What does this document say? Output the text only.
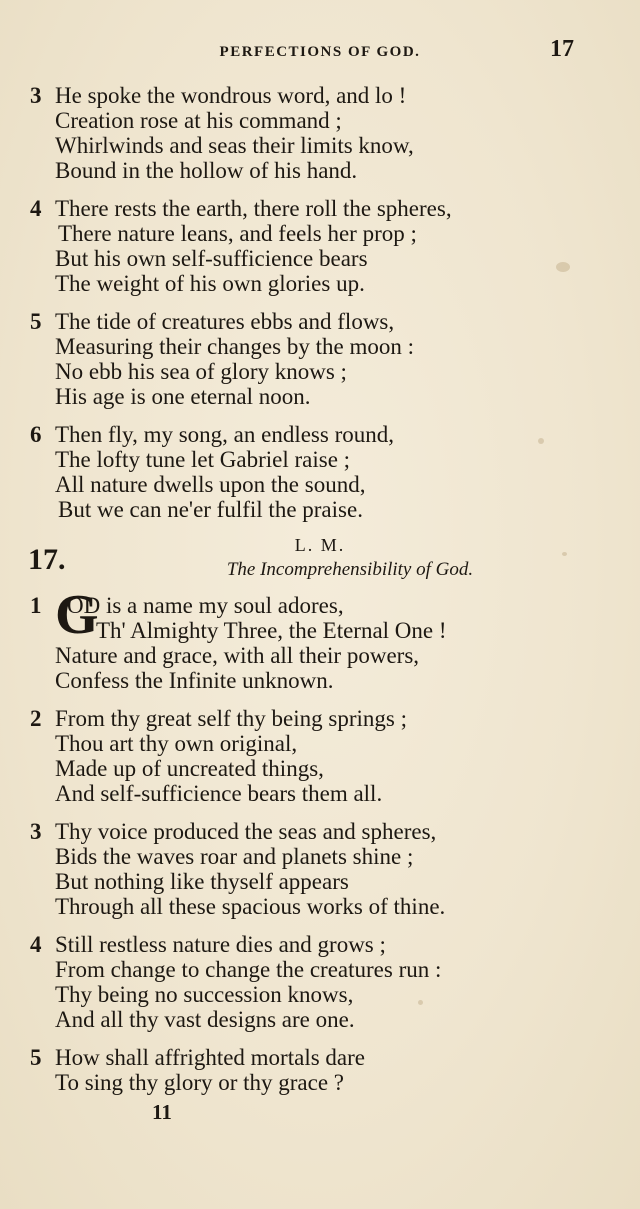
PERFECTIONS OF GOD.	17
3 He spoke the wondrous word, and lo !
Creation rose at his command ;
Whirlwinds and seas their limits know,
Bound in the hollow of his hand.
4 There rests the earth, there roll the spheres,
There nature leans, and feels her prop ;
But his own self-sufficience bears
The weight of his own glories up.
5 The tide of creatures ebbs and flows,
Measuring their changes by the moon :
No ebb his sea of glory knows ;
His age is one eternal noon.
6 Then fly, my song, an endless round,
The lofty tune let Gabriel raise ;
All nature dwells upon the sound,
But we can ne'er fulfil the praise.
17.	L. M.
The Incomprehensibility of God.
1 G
OD is a name my soul adores,
Th' Almighty Three, the Eternal One !
Nature and grace, with all their powers,
Confess the Infinite unknown.
2 From thy great self thy being springs ;
Thou art thy own original,
Made up of uncreated things,
And self-sufficience bears them all.
3 Thy voice produced the seas and spheres,
Bids the waves roar and planets shine ;
But nothing like thyself appears
Through all these spacious works of thine.
4 Still restless nature dies and grows ;
From change to change the creatures run :
Thy being no succession knows,
And all thy vast designs are one.
5 How shall affrighted mortals dare
To sing thy glory or thy grace ?
11
